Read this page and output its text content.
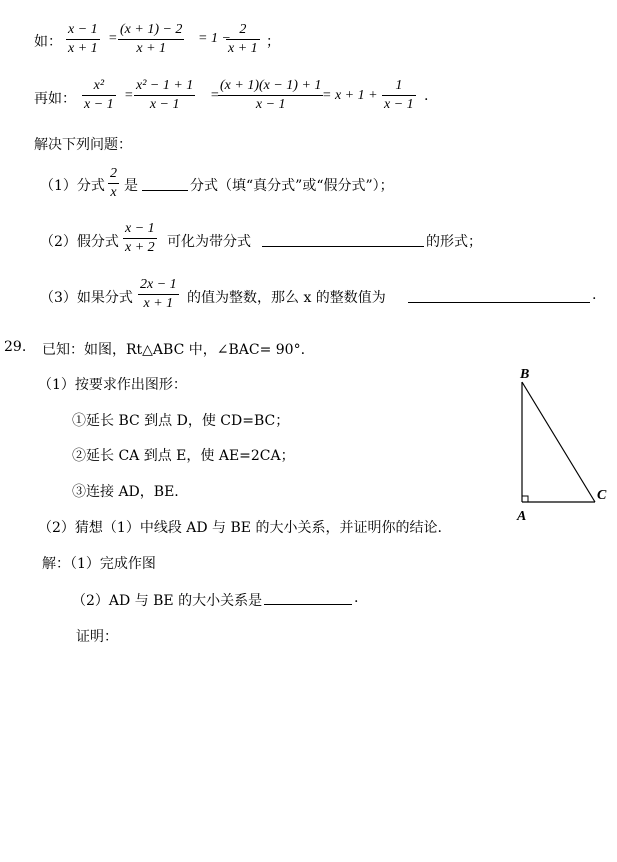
如： $\frac{x - 1}{x + 1} = \frac{(x + 1) - 2}{x + 1} = 1$ −
$\frac{2}{x + 1}$ ；
再如： $\frac{\text{x²}}{x - 1} = \frac{\text{x² − 1 + 1}}{x - 1}$ =
$\frac{(x + 1)(x - 1) + 1}{x - 1}$
= $x + 1 + \frac{1}{x - 1}$ .
解决下列问题：
（1）分式 $\frac{2}{x}$ 是	分式（填“真分式”或“假分式”）；
（2）假分式 $\frac{x - 1}{x + 2}$ 可化为带分式	的形式；
（3）如果分式 $\frac{2x - 1}{x + 1}$ 的值为整数，那么 x 的整数值为	.
29. 已知：如图，Rt△ABC 中，∠BAC= 90°.
（1）按要求作出图形：
①延长 BC 到点 D，使 CD=BC；
②延长 CA 到点 E，使 AE=2CA；
③连接 AD，BE.
（2）猜想（1）中线段 AD 与 BE 的大小关系，并证明你的结论.
解：（1）完成作图
（2）AD 与 BE 的大小关系是	.
证明：
B
A
C
